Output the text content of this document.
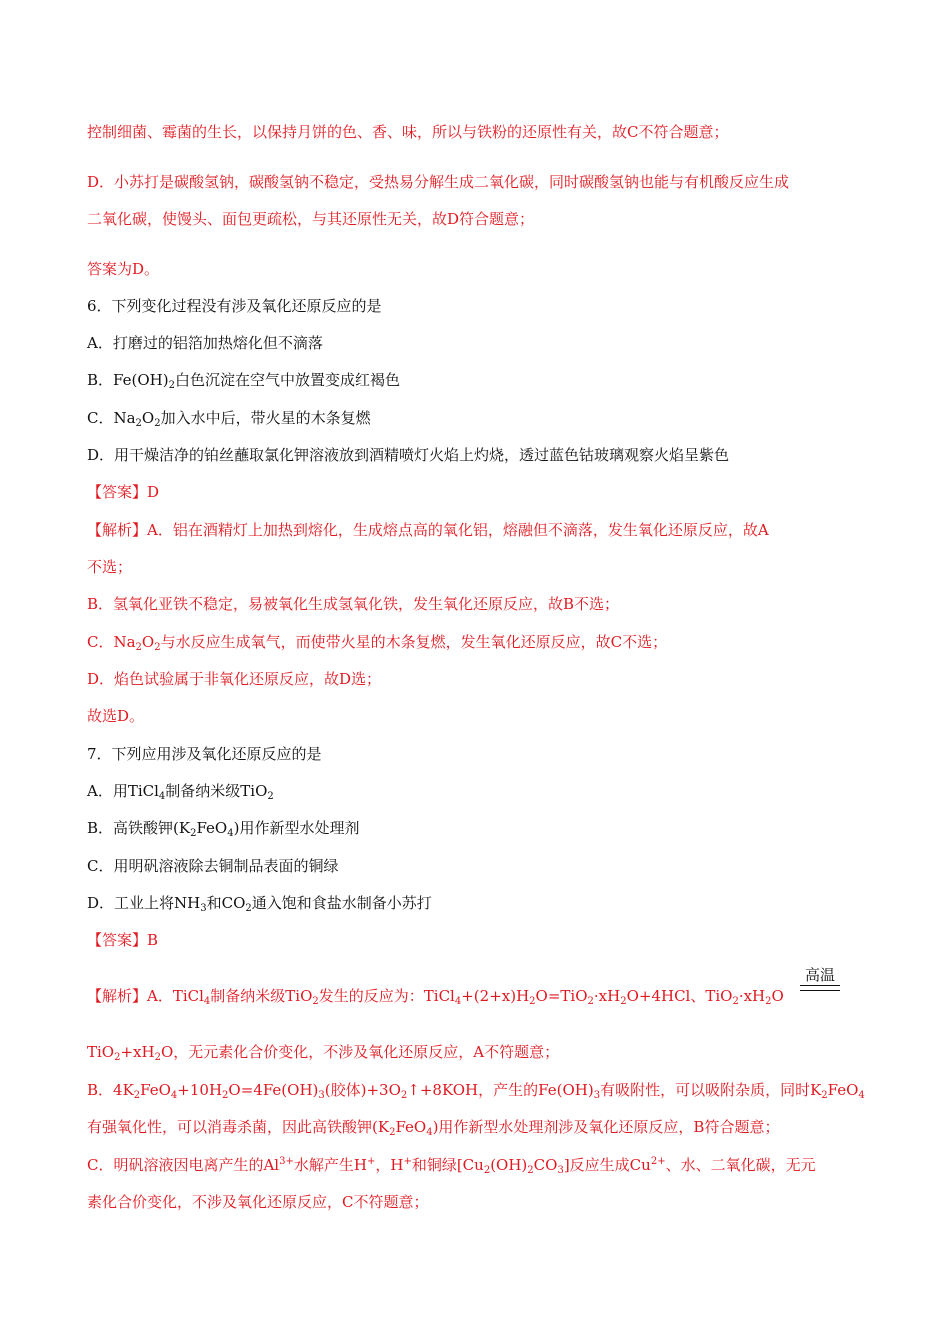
控制细菌、霉菌的生长，以保持月饼的色、香、味，所以与铁粉的还原性有关，故C不符合题意；
D．小苏打是碳酸氢钠，碳酸氢钠不稳定，受热易分解生成二氧化碳，同时碳酸氢钠也能与有机酸反应生成
二氧化碳，使馒头、面包更疏松，与其还原性无关，故D符合题意；
答案为D。
6．下列变化过程没有涉及氧化还原反应的是
A．打磨过的铝箔加热熔化但不滴落
B．$Fe(OH)_2$白色沉淀在空气中放置变成红褐色
C．$Na_2O_2$加入水中后，带火星的木条复燃
D．用干燥洁净的铂丝蘸取氯化钾溶液放到酒精喷灯火焰上灼烧，透过蓝色钴玻璃观察火焰呈紫色
【答案】D
【解析】A．铝在酒精灯上加热到熔化，生成熔点高的氧化铝，熔融但不滴落，发生氧化还原反应，故A
不选；
B．氢氧化亚铁不稳定，易被氧化生成氢氧化铁，发生氧化还原反应，故B不选；
C．$Na_2O_2$与水反应生成氧气，而使带火星的木条复燃，发生氧化还原反应，故C不选；
D．焰色试验属于非氧化还原反应，故D选；
故选D。
7．下列应用涉及氧化还原反应的是
A．用TiCl$_4$制备纳米级TiO$_2$
B．高铁酸钾$(K_2FeO_4)$用作新型水处理剂
C．用明矾溶液除去铜制品表面的铜绿
D．工业上将$NH_3$和$CO_2$通入饱和食盐水制备小苏打
【答案】B
【解析】A．TiCl$_4$制备纳米级TiO$_2$发生的反应为：$TiCl_4+(2+x)H_2O=TiO_2\cdot xH_2O+4HCl$、$TiO_2\cdot xH_2O$
高温
$TiO_2+xH_2O$，无元素化合价变化，不涉及氧化还原反应，A不符题意；
B．$4K_2FeO_4+10H_2O=4Fe(OH)_3$(胶体)$+3O_2↑+8KOH$，产生的$Fe(OH)_3$有吸附性，可以吸附杂质，同时$K_2FeO_4$
有强氧化性，可以消毒杀菌，因此高铁酸钾$(K_2FeO_4)$用作新型水处理剂涉及氧化还原反应，B符合题意；
C．明矾溶液因电离产生的$Al^{3+}$水解产生H+，H+和铜绿$[Cu_2(OH)_2CO_3]$反应生成$Cu^{2+}$、水、二氧化碳，无元
素化合价变化，不涉及氧化还原反应，C不符题意；
